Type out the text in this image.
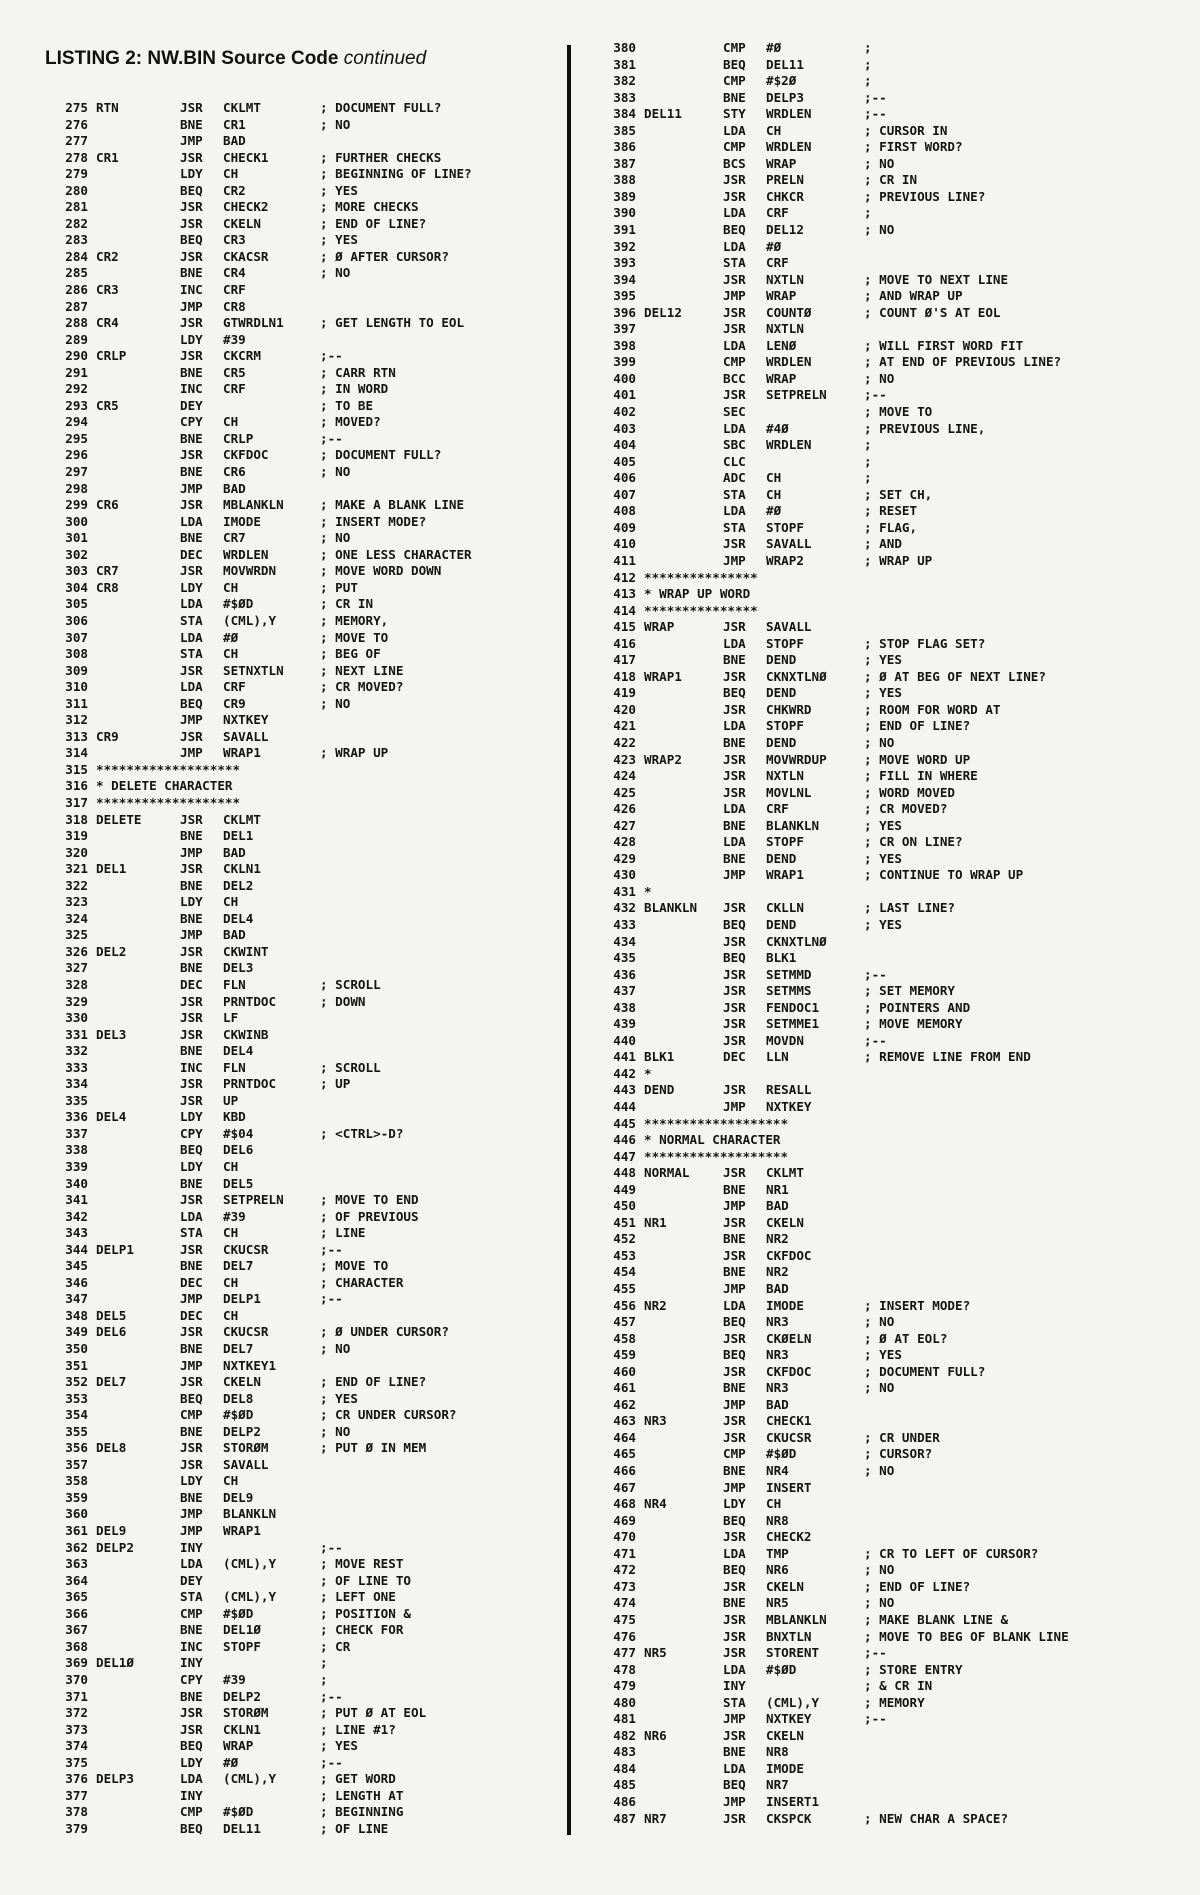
LISTING 2: NW.BIN Source Code continued
275 RTN	JSR CKLMT	; DOCUMENT FULL?
276	BNE CR1	; NO
277	JMP BAD
278 CR1	JSR CHECK1	; FURTHER CHECKS
279	LDY CH	; BEGINNING OF LINE?
280	BEQ CR2	; YES
281	JSR CHECK2	; MORE CHECKS
282	JSR CKELN	; END OF LINE?
283	BEQ CR3	; YES
284 CR2	JSR CKACSR	; Ø AFTER CURSOR?
285	BNE CR4	; NO
286 CR3	INC CRF
287	JMP CR8
288 CR4	JSR GTWRDLN1	; GET LENGTH TO EOL
289	LDY #39
290 CRLP	JSR CKCRM	;--
291	BNE CR5	; CARR RTN
292	INC CRF	; IN WORD
293 CR5	DEY	; TO BE
294	CPY CH	; MOVED?
295	BNE CRLP	;--
296	JSR CKFDOC	; DOCUMENT FULL?
297	BNE CR6	; NO
298	JMP BAD
299 CR6	JSR MBLANKLN	; MAKE A BLANK LINE
300	LDA IMODE	; INSERT MODE?
301	BNE CR7	; NO
302	DEC WRDLEN	; ONE LESS CHARACTER
303 CR7	JSR MOVWRDN	; MOVE WORD DOWN
304 CR8	LDY CH	; PUT
305	LDA #$ØD	; CR IN
306	STA (CML),Y	; MEMORY,
307	LDA #Ø	; MOVE TO
308	STA CH	; BEG OF
309	JSR SETNXTLN	; NEXT LINE
310	LDA CRF	; CR MOVED?
311	BEQ CR9	; NO
312	JMP NXTKEY
313 CR9	JSR SAVALL
314	JMP WRAP1	; WRAP UP
315 *******************
316 * DELETE CHARACTER
317 *******************
318 DELETE	JSR CKLMT
319	BNE DEL1
320	JMP BAD
321 DEL1	JSR CKLN1
322	BNE DEL2
323	LDY CH
324	BNE DEL4
325	JMP BAD
326 DEL2	JSR CKWINT
327	BNE DEL3
328	DEC FLN	; SCROLL
329	JSR PRNTDOC	; DOWN
330	JSR LF
331 DEL3	JSR CKWINB
332	BNE DEL4
333	INC FLN	; SCROLL
334	JSR PRNTDOC	; UP
335	JSR UP
336 DEL4	LDY KBD
337	CPY #$04	; <CTRL>-D?
338	BEQ DEL6
339	LDY CH
340	BNE DEL5
341	JSR SETPRELN	; MOVE TO END
342	LDA #39	; OF PREVIOUS
343	STA CH	; LINE
344 DELP1	JSR CKUCSR	;--
345	BNE DEL7	; MOVE TO
346	DEC CH	; CHARACTER
347	JMP DELP1	;--
348 DEL5	DEC CH
349 DEL6	JSR CKUCSR	; Ø UNDER CURSOR?
350	BNE DEL7	; NO
351	JMP NXTKEY1
352 DEL7	JSR CKELN	; END OF LINE?
353	BEQ DEL8	; YES
354	CMP #$ØD	; CR UNDER CURSOR?
355	BNE DELP2	; NO
356 DEL8	JSR STORØM	; PUT Ø IN MEM
357	JSR SAVALL
358	LDY CH
359	BNE DEL9
360	JMP BLANKLN
361 DEL9	JMP WRAP1
362 DELP2	INY	;--
363	LDA (CML),Y	; MOVE REST
364	DEY	; OF LINE TO
365	STA (CML),Y	; LEFT ONE
366	CMP #$ØD	; POSITION &
367	BNE DEL1Ø	; CHECK FOR
368	INC STOPF	; CR
369 DEL1Ø	INY	;
370	CPY #39	;
371	BNE DELP2	;--
372	JSR STORØM	; PUT Ø AT EOL
373	JSR CKLN1	; LINE #1?
374	BEQ WRAP	; YES
375	LDY #Ø	;--
376 DELP3	LDA (CML),Y	; GET WORD
377	INY	; LENGTH AT
378	CMP #$ØD	; BEGINNING
379	BEQ DEL11	; OF LINE
380	CMP #Ø	;
381	BEQ DEL11	;
382	CMP #$2Ø	;
383	BNE DELP3	;--
384 DEL11	STY WRDLEN	;--
385	LDA CH	; CURSOR IN
386	CMP WRDLEN	; FIRST WORD?
387	BCS WRAP	; NO
388	JSR PRELN	; CR IN
389	JSR CHKCR	; PREVIOUS LINE?
390	LDA CRF	;
391	BEQ DEL12	; NO
392	LDA #Ø
393	STA CRF
394	JSR NXTLN	; MOVE TO NEXT LINE
395	JMP WRAP	; AND WRAP UP
396 DEL12	JSR COUNTØ	; COUNT Ø'S AT EOL
397	JSR NXTLN
398	LDA LENØ	; WILL FIRST WORD FIT
399	CMP WRDLEN	; AT END OF PREVIOUS LINE?
400	BCC WRAP	; NO
401	JSR SETPRELN	;--
402	SEC	; MOVE TO
403	LDA #4Ø	; PREVIOUS LINE,
404	SBC WRDLEN	;
405	CLC	;
406	ADC CH	;
407	STA CH	; SET CH,
408	LDA #Ø	; RESET
409	STA STOPF	; FLAG,
410	JSR SAVALL	; AND
411	JMP WRAP2	; WRAP UP
412 ***************
413 * WRAP UP WORD
414 ***************
415 WRAP	JSR SAVALL
416	LDA STOPF	; STOP FLAG SET?
417	BNE DEND	; YES
418 WRAP1	JSR CKNXTLNØ	; Ø AT BEG OF NEXT LINE?
419	BEQ DEND	; YES
420	JSR CHKWRD	; ROOM FOR WORD AT
421	LDA STOPF	; END OF LINE?
422	BNE DEND	; NO
423 WRAP2	JSR MOVWRDUP	; MOVE WORD UP
424	JSR NXTLN	; FILL IN WHERE
425	JSR MOVLNL	; WORD MOVED
426	LDA CRF	; CR MOVED?
427	BNE BLANKLN	; YES
428	LDA STOPF	; CR ON LINE?
429	BNE DEND	; YES
430	JMP WRAP1	; CONTINUE TO WRAP UP
431 *
432 BLANKLN JSR CKLLN	; LAST LINE?
433	BEQ DEND	; YES
434	JSR CKNXTLNØ
435	BEQ BLK1
436	JSR SETMMD	;--
437	JSR SETMMS	; SET MEMORY
438	JSR FENDOC1	; POINTERS AND
439	JSR SETMME1	; MOVE MEMORY
440	JSR MOVDN	;--
441 BLK1	DEC LLN	; REMOVE LINE FROM END
442 *
443 DEND	JSR RESALL
444	JMP NXTKEY
445 *******************
446 * NORMAL CHARACTER
447 *******************
448 NORMAL	JSR CKLMT
449	BNE NR1
450	JMP BAD
451 NR1	JSR CKELN
452	BNE NR2
453	JSR CKFDOC
454	BNE NR2
455	JMP BAD
456 NR2	LDA IMODE	; INSERT MODE?
457	BEQ NR3	; NO
458	JSR CKØELN	; Ø AT EOL?
459	BEQ NR3	; YES
460	JSR CKFDOC	; DOCUMENT FULL?
461	BNE NR3	; NO
462	JMP BAD
463 NR3	JSR CHECK1
464	JSR CKUCSR	; CR UNDER
465	CMP #$ØD	; CURSOR?
466	BNE NR4	; NO
467	JMP INSERT
468 NR4	LDY CH
469	BEQ NR8
470	JSR CHECK2
471	LDA TMP	; CR TO LEFT OF CURSOR?
472	BEQ NR6	; NO
473	JSR CKELN	; END OF LINE?
474	BNE NR5	; NO
475	JSR MBLANKLN	; MAKE BLANK LINE &
476	JSR BNXTLN	; MOVE TO BEG OF BLANK LINE
477 NR5	JSR STORENT	;--
478	LDA #$ØD	; STORE ENTRY
479	INY	; & CR IN
480	STA (CML),Y	; MEMORY
481	JMP NXTKEY	;--
482 NR6	JSR CKELN
483	BNE NR8
484	LDA IMODE
485	BEQ NR7
486	JMP INSERT1
487 NR7	JSR CKSPCK	; NEW CHAR A SPACE?
